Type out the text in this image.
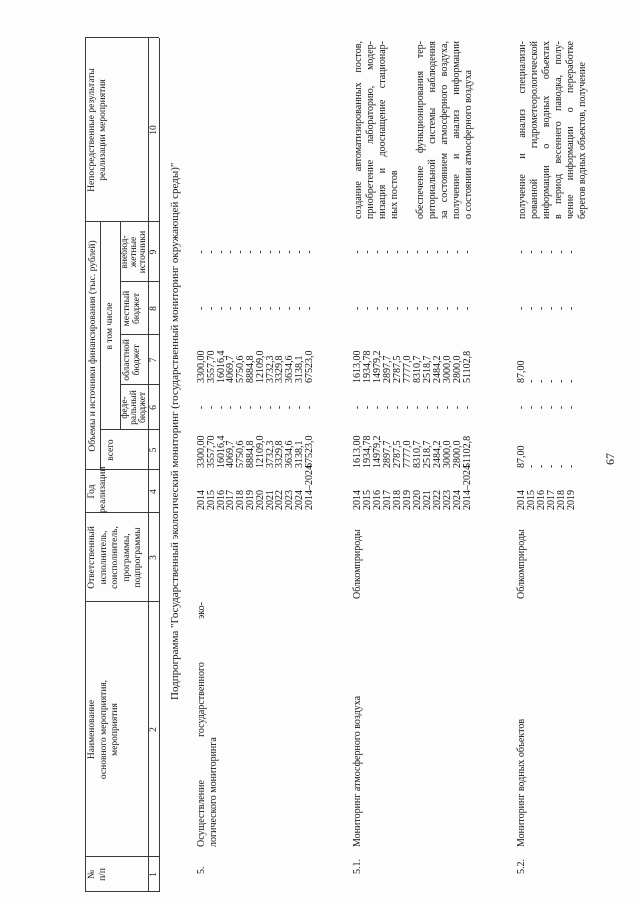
№ п/п
Наименование основного мероприятия, мероприятия
Ответственный исполнитель, соисполнитель, программы, подпрограммы
Год реализации
Объемы и источники финансирования (тыс. рублей) всего
в том числе
феде- ральный бюджет
областной бюджет
местный бюджет
внебюд- жетные источники
Непосредственные результаты реализации мероприятия
1
2
3
4
5
6
7
8
9
10
Подпрограмма "Государственный экологический мониторинг (государственный мониторинг окружающей среды)"
5.
Осуществление государственного эко- логического мониторинга
2014
2015
2016
2017
2018
2019
2020
2021
2022
2023
2024
2014–2024
3300,00
3557,70
16016,4
4069,7
5750,6
8884,8
12109,0
3732,3
3329,8
3634,6
3138,1
67523,0
-
-
-
-
-
-
-
-
-
-
-
-
3300,00
3557,70
16016,4
4069,7
5750,6
8884,8
12109,0
3732,3
3329,8
3634,6
3138,1
67523,0
-
-
-
-
-
-
-
-
-
-
-
-
-
-
-
-
-
-
-
-
-
-
-
-
5.1.
Мониторинг атмосферного воздуха
Облкомприроды
2014 2015 2016 2017 2018 2019 2020 2021 2022 2023 2024 2014–2024
1613,00 1934,78 14979,2 2897,7 2787,5 7777,0 8310,7 2518,7 2484,2 3000,0 2800,0 51102,8
- - - - - - - - - - - -
1613,00 1934,78 14979,2 2897,7 2787,5 7777,0 8310,7 2518,7 2484,2 3000,0 2800,0 51102,8
- - - - - - - - - - - -
- - - - - - - - - - - -
создание автоматизированных постов, приобретение лабораторию, модер- низация и дооснащение стационар- ных постов обеспечение функционирования тер- риториальной системы наблюдения за состоянием атмосферного воздуха, получение и анализ информации о состоянии атмосферного воздуха
5.2.
Мониторинг водных объектов
Облкомприроды
2014 2015 2016 2017 2018 2019
87,00 - - - - -
- - - - - -
87,00 - - - - -
- - - - - -
- - - - - -
получение и анализ специализи- рованной гидрометеорологической информации о водных объектах в период весеннего паводка, полу- чение информации о переработке берегов водных объектов, получение
67
